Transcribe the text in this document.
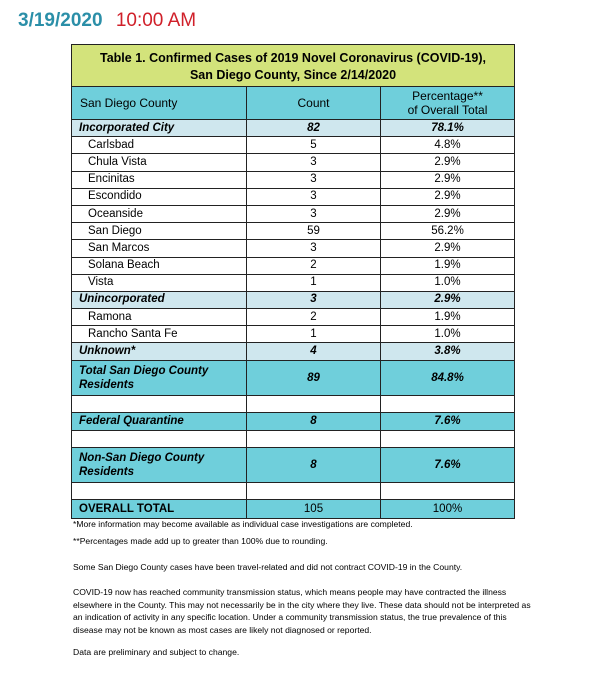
3/19/2020 10:00 AM
Table 1. Confirmed Cases of 2019 Novel Coronavirus (COVID-19),
San Diego County, Since 2/14/2020		

San Diego County	Count	Percentage**
of Overall Total

Incorporated City	82	78.1%
Carlsbad	5	4.8%
Chula Vista	3	2.9%
Encinitas	3	2.9%
Escondido	3	2.9%
Oceanside	3	2.9%
San Diego	59	56.2%
San Marcos	3	2.9%
Solana Beach	2	1.9%
Vista	1	1.0%
Unincorporated	3	2.9%
Ramona	2	1.9%
Rancho Santa Fe	1	1.0%
Unknown*	4	3.8%
Total San Diego County
Residents	89	84.8%

Federal Quarantine	8	7.6%

Non-San Diego County
Residents	8	7.6%

OVERALL TOTAL	105	100%

*More information may become available as individual case investigations are completed.

**Percentages made add up to greater than 100% due to rounding.

Some San Diego County cases have been travel-related and did not contract COVID-19 in the County.

COVID-19 now has reached community transmission status, which means people may have contracted the illness elsewhere in the County. This may not necessarily be in the city where they live. These data should not be interpreted as an indication of activity in any specific location. Under a community transmission status, the true prevalence of this disease may not be known as most cases are likely not diagnosed or reported.

Data are preliminary and subject to change.
